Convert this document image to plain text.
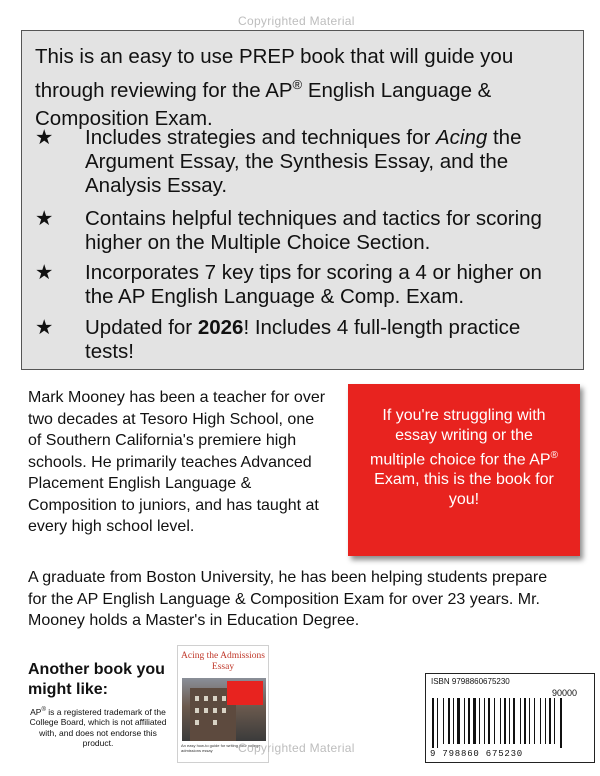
Copyrighted Material
This is an easy to use PREP book that will guide you through reviewing for the AP® English Language & Composition Exam.
★	Includes strategies and techniques for Acing the Argument Essay, the Synthesis Essay, and the Analysis Essay.
★	Contains helpful techniques and tactics for scoring higher on the Multiple Choice Section.
★	Incorporates 7 key tips for scoring a 4 or higher on the AP English Language & Comp. Exam.
★	Updated for 2026! Includes 4 full-length practice tests!
Mark Mooney has been a teacher for over two decades at Tesoro High School, one of Southern California's premiere high schools. He primarily teaches Advanced Placement English Language & Composition to juniors, and has taught at every high school level.
If you're struggling with essay writing or the multiple choice for the AP® Exam, this is the book for you!
A graduate from Boston University, he has been helping students prepare for the AP English Language & Composition Exam for over 23 years. Mr. Mooney holds a Master's in Education Degree.
Another book you might like:
AP® is a registered trademark of the College Board, which is not affiliated with, and does not endorse this product.
Acing the Admissions Essay
An easy how-to guide for writing your college admissions essay
ISBN 9798860675230
90000
9 798860 675230
Copyrighted Material
